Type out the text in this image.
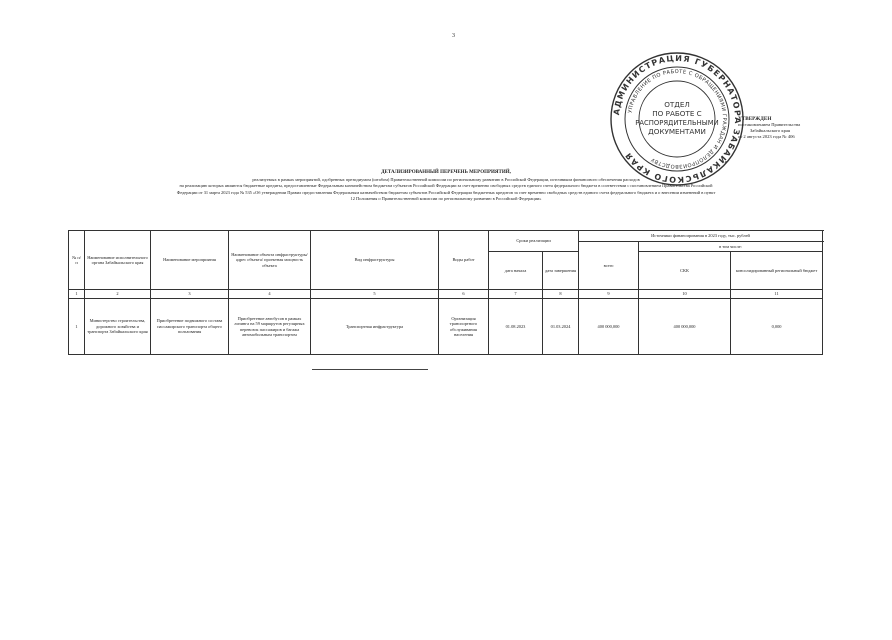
3
АДМИНИСТРАЦИЯ ГУБЕРНАТОРА ЗАБАЙКАЛЬСКОГО КРАЯ
УПРАВЛЕНИЕ ПО РАБОТЕ С ОБРАЩЕНИЯМИ ГРАЖДАН И ДЕЛОПРОИЗВОДСТВУ
ОТДЕЛ
ПО РАБОТЕ С
РАСПОРЯДИТЕЛЬНЫМИ
ДОКУМЕНТАМИ
УТВЕРЖДЕН
постановлением Правительства
Забайкальского края
от 2 августа 2023 года № 406
ДЕТАЛИЗИРОВАННЫЙ ПЕРЕЧЕНЬ МЕРОПРИЯТИЙ,
реализуемых в рамках мероприятий, одобренных президиумом (штабом) Правительственной комиссии по региональному развитию в Российской Федерации, источником финансового обеспечения расходов
на реализацию которых являются бюджетные кредиты, предоставленные Федеральным казначейством бюджетам субъектов Российской Федерации за счет временно свободных средств единого счета федерального бюджета в соответствии с постановлением Правительства Российской
Федерации от 31 марта 2023 года № 535 «Об утверждении Правил предоставления Федеральным казначейством бюджетам субъектов Российской Федерации бюджетных кредитов за счет временно свободных средств единого счета федерального бюджета и о внесении изменений в пункт
12 Положения о Правительственной комиссии по региональному развитию в Российской Федерации»
№ п/п	Наименование исполнительного органа Забайкальского края	Наименование мероприятия	Наименование объекта инфраструктуры/ адрес объекта/ проектная мощность объекта	Вид инфраструктуры	Виды работ	Сроки реализации		Источники финансирования в 2023 году, тыс. рублей			
								всего	в том числе:		
						дата начала	дата завершения		СКК	консолидированный региональный бюджет	
1	2	3	4	5	6	7	8	9	10	11	
1	Министерство строительства, дорожного хозяйства и транспорта Забайкальского края	Приобретение подвижного состава пассажирского транспорта общего пользования	Приобретение автобусов в рамках лизинга на 59 маршрутов регулярных перевозок пассажиров и багажа автомобильным транспортом	Транспортная инфраструктура	Организация транспортного обслуживания населения	01.08.2023	01.03.2024	400 000,000	400 000,000	0,000	
